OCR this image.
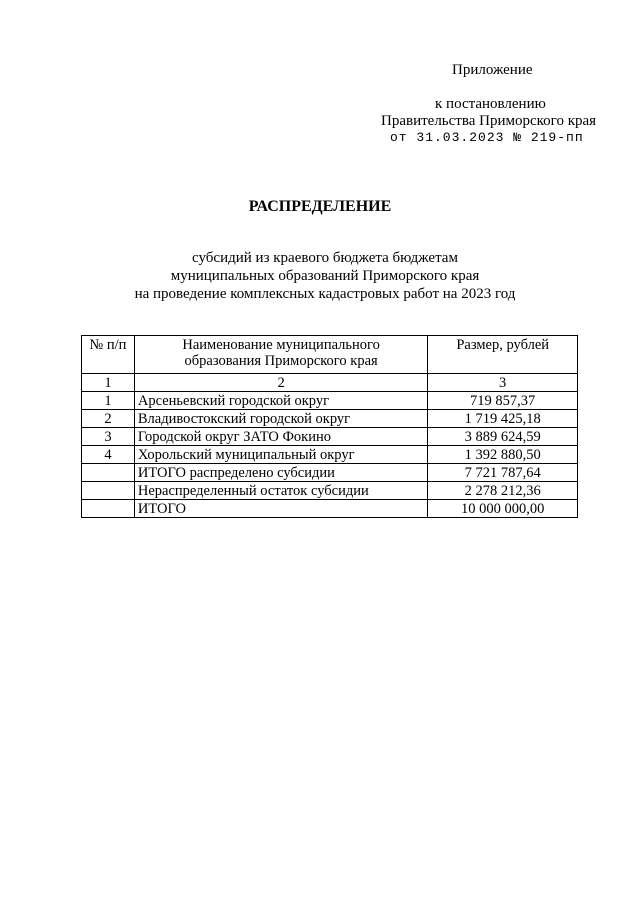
Приложение
к постановлению
Правительства Приморского края
от 31.03.2023 № 219-пп
РАСПРЕДЕЛЕНИЕ
субсидий из краевого бюджета бюджетам
муниципальных образований Приморского края
на проведение комплексных кадастровых работ на 2023 год
№ п/п	Наименование муниципального образования Приморского края	Размер, рублей
1	2	3
1	Арсеньевский городской округ	719 857,37
2	Владивостокский городской округ	1 719 425,18
3	Городской округ ЗАТО Фокино	3 889 624,59
4	Хорольский муниципальный округ	1 392 880,50
	ИТОГО распределено субсидии	7 721 787,64
	Нераспределенный остаток субсидии	2 278 212,36
	ИТОГО	10 000 000,00
